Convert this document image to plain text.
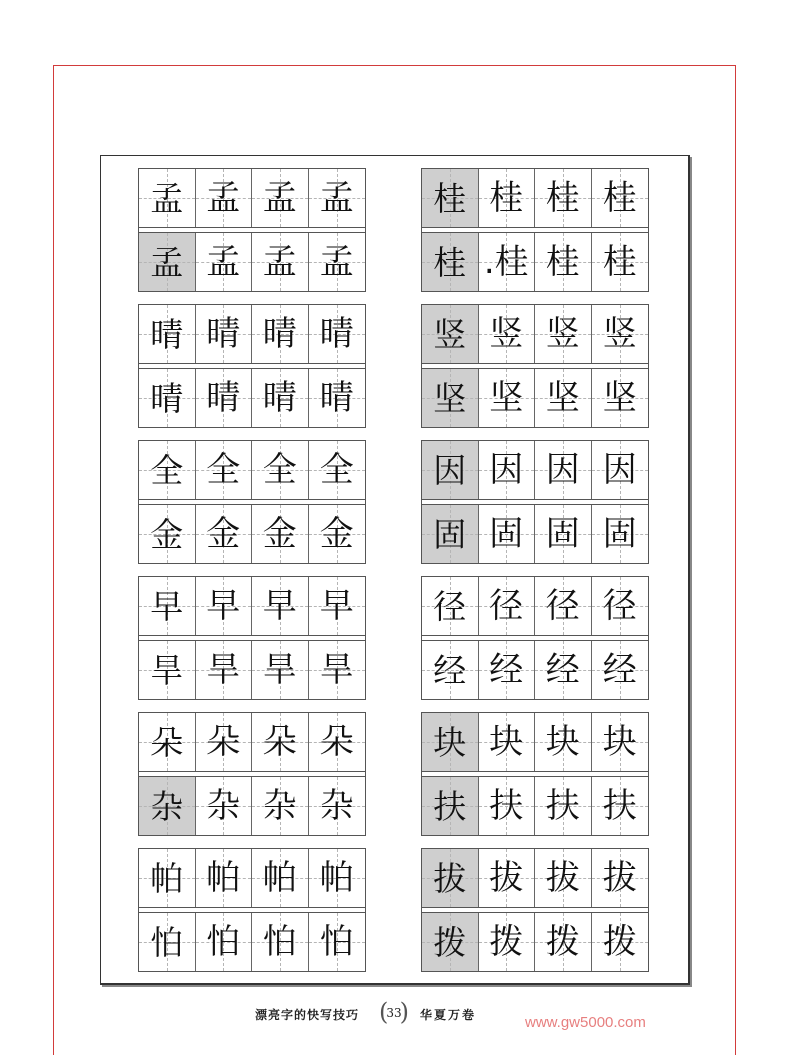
孟 孟 孟 孟
孟 孟 孟 孟
晴 晴 晴 晴
晴 晴 晴 晴
全 全 全 全
金 金 金 金
早 早 早 早
旱 旱 旱 旱
朵 朵 朵 朵
杂 杂 杂 杂
帕 帕 帕 帕
怕 怕 怕 怕
桂 桂 桂 桂
桂 .桂 桂 桂
竖 竖 竖 竖
坚 坚 坚 坚
因 因 因 因
固 固 固 固
径 径 径 径
经 经 经 经
块 块 块 块
扶 扶 扶 扶
拔 拔 拔 拔
拨 拨 拨 拨
漂亮字的快写技巧
(	33 )	华夏万卷	www.gw5000.com
